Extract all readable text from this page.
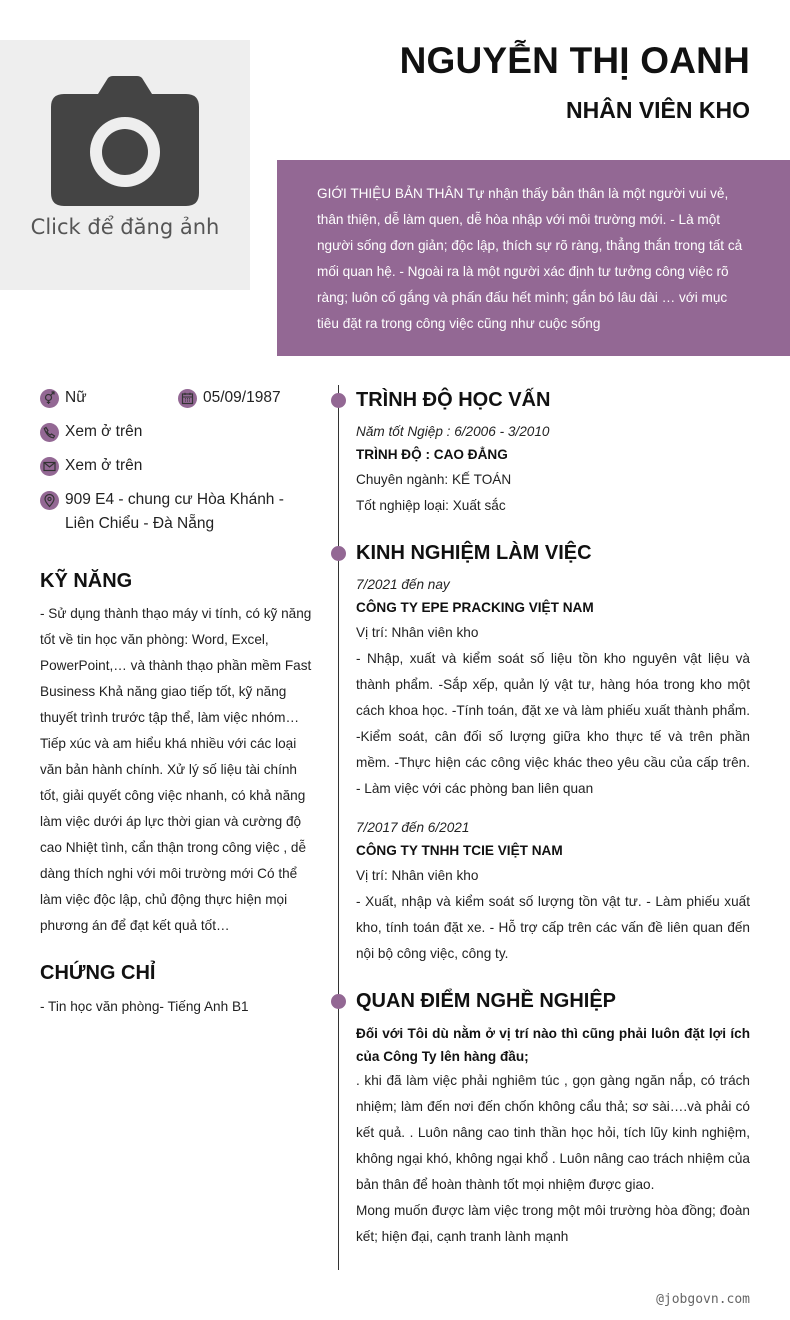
Click để đăng ảnh
NGUYỄN THỊ OANH
NHÂN VIÊN KHO

GIỚI THIỆU BẢN THÂN Tự nhận thấy bản thân là một người vui vẻ, thân thiện, dễ làm quen, dễ hòa nhập với môi trường mới. - Là một người sống đơn giản; độc lập, thích sự rõ ràng, thẳng thắn trong tất cả mối quan hệ. - Ngoài ra là một người xác định tư tưởng công việc rõ ràng; luôn cố gắng và phấn đấu hết mình; gắn bó lâu dài … với mục tiêu đặt ra trong công việc cũng như cuộc sống

Nữ	05/09/1987
Xem ở trên
Xem ở trên
909 E4 - chung cư Hòa Khánh - Liên Chiểu - Đà Nẵng
KỸ NĂNG

- Sử dụng thành thạo máy vi tính, có kỹ năng tốt về tin học văn phòng: Word, Excel, PowerPoint,… và thành thạo phần mềm Fast Business Khả năng giao tiếp tốt, kỹ năng thuyết trình trước tập thể, làm việc nhóm… Tiếp xúc và am hiểu khá nhiều với các loại văn bản hành chính. Xử lý số liệu tài chính tốt, giải quyết công việc nhanh, có khả năng làm việc dưới áp lực thời gian và cường độ cao Nhiệt tình, cẩn thận trong công việc , dễ dàng thích nghi với môi trường mới Có thể làm việc độc lập, chủ động thực hiện mọi phương án để đạt kết quả tốt…

CHỨNG CHỈ

- Tin học văn phòng- Tiếng Anh B1

TRÌNH ĐỘ HỌC VẤN
Năm tốt Ngiệp : 6/2006 - 3/2010
TRÌNH ĐỘ : CAO ĐẲNG
Chuyên ngành: KẾ TOÁN
Tốt nghiệp loại: Xuất sắc
KINH NGHIỆM LÀM VIỆC
7/2021 đến nay
CÔNG TY EPE PRACKING VIỆT NAM
Vị trí: Nhân viên kho

- Nhập, xuất và kiểm soát số liệu tồn kho nguyên vật liệu và thành phẩm. -Sắp xếp, quản lý vật tư, hàng hóa trong kho một cách khoa học. -Tính toán, đặt xe và làm phiếu xuất thành phẩm. -Kiểm soát, cân đối số lượng giữa kho thực tế và trên phần mềm. -Thực hiện các công việc khác theo yêu cầu của cấp trên. - Làm việc với các phòng ban liên quan

7/2017 đến 6/2021
CÔNG TY TNHH TCIE VIỆT NAM
Vị trí: Nhân viên kho

- Xuất, nhập và kiểm soát số lượng tồn vật tư. - Làm phiếu xuất kho, tính toán đặt xe. - Hỗ trợ cấp trên các vấn đề liên quan đến nội bộ công việc, công ty.

QUAN ĐIỂM NGHỀ NGHIỆP

Đối với Tôi dù nằm ở vị trí nào thì cũng phải luôn đặt lợi ích của Công Ty lên hàng đầu;

. khi đã làm việc phải nghiêm túc , gọn gàng ngăn nắp, có trách nhiệm; làm đến nơi đến chốn không cẩu thả; sơ sài….và phải có kết quả. . Luôn nâng cao tinh thần học hỏi, tích lũy kinh nghiệm, không ngại khó, không ngại khổ . Luôn nâng cao trách nhiệm của bản thân để hoàn thành tốt mọi nhiệm được giao.

Mong muốn được làm việc trong một môi trường hòa đồng; đoàn kết; hiện đại, cạnh tranh lành mạnh

@jobgovn.com
